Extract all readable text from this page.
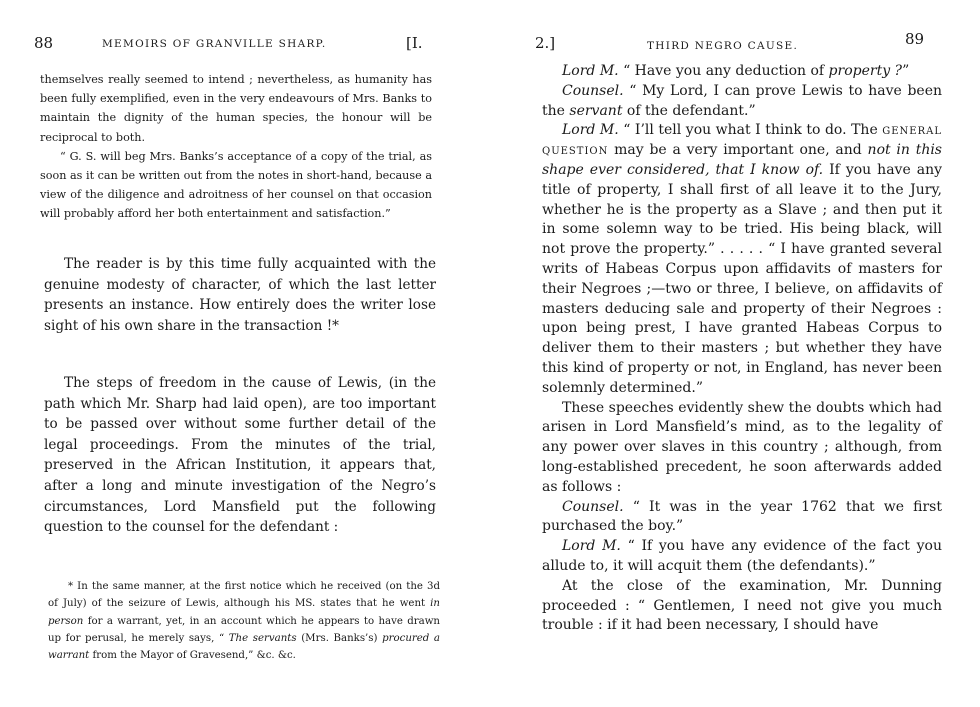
88	MEMOIRS OF GRANVILLE SHARP.	[I.

themselves really seemed to intend ; nevertheless, as humanity has been fully exemplified, even in the very endeavours of Mrs. Banks to maintain the dignity of the human species, the honour will be reciprocal to both.

“ G. S. will beg Mrs. Banks’s acceptance of a copy of the trial, as soon as it can be written out from the notes in short-hand, because a view of the diligence and adroitness of her counsel on that occasion will probably afford her both entertainment and satisfaction.”

The reader is by this time fully acquainted with the genuine modesty of character, of which the last letter presents an instance. How entirely does the writer lose sight of his own share in the transaction !*

The steps of freedom in the cause of Lewis, (in the path which Mr. Sharp had laid open), are too important to be passed over without some further detail of the legal proceedings. From the minutes of the trial, preserved in the African Institution, it appears that, after a long and minute investigation of the Negro’s circumstances, Lord Mansfield put the following question to the counsel for the defendant :

* In the same manner, at the first notice which he received (on the 3d of July) of the seizure of Lewis, although his MS. states that he went in person for a warrant, yet, in an account which he appears to have drawn up for perusal, he merely says, “ The servants (Mrs. Banks’s) procured a warrant from the Mayor of Gravesend,” &c. &c.

2.]	THIRD NEGRO CAUSE.	89

Lord M. “ Have you any deduction of property ?”

Counsel. “ My Lord, I can prove Lewis to have been the servant of the defendant.”

Lord M. “ I’ll tell you what I think to do. The general question may be a very important one, and not in this shape ever considered, that I know of. If you have any title of property, I shall first of all leave it to the Jury, whether he is the property as a Slave ; and then put it in some solemn way to be tried. His being black, will not prove the property.” . . . . . “ I have granted several writs of Habeas Corpus upon affidavits of masters for their Negroes ;—two or three, I believe, on affidavits of masters deducing sale and property of their Negroes : upon being prest, I have granted Habeas Corpus to deliver them to their masters ; but whether they have this kind of property or not, in England, has never been solemnly determined.”

These speeches evidently shew the doubts which had arisen in Lord Mansfield’s mind, as to the legality of any power over slaves in this country ; although, from long-established precedent, he soon afterwards added as follows :

Counsel. “ It was in the year 1762 that we first purchased the boy.”

Lord M. “ If you have any evidence of the fact you allude to, it will acquit them (the defendants).”

At the close of the examination, Mr. Dunning proceeded : “ Gentlemen, I need not give you much trouble : if it had been necessary, I should have
